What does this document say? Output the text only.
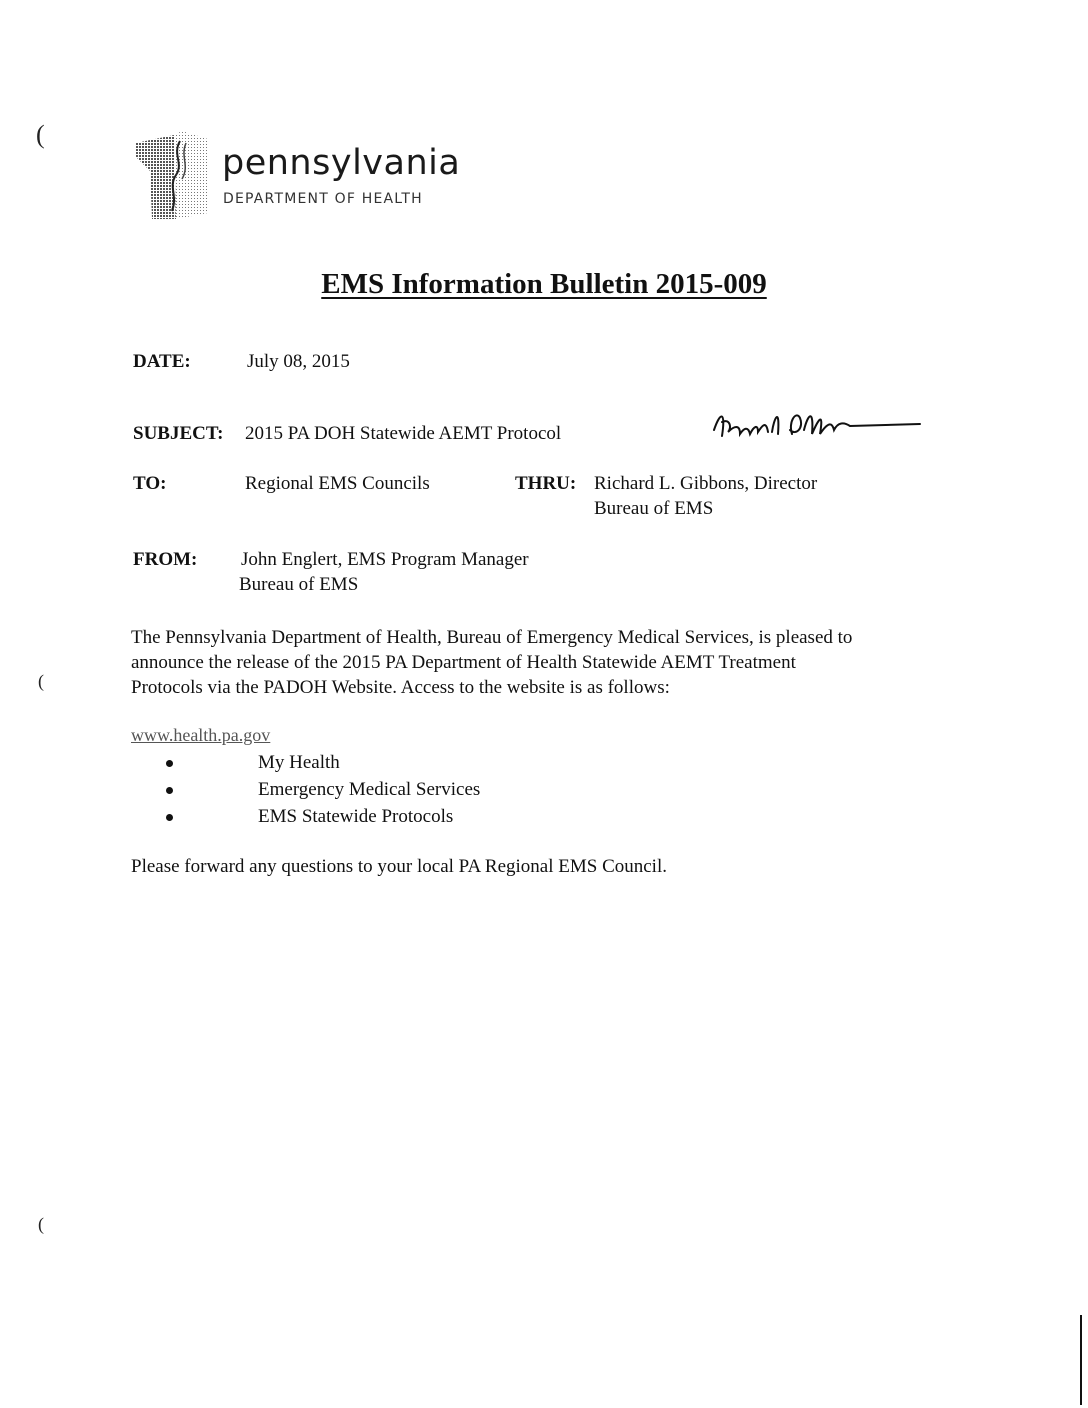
pennsylvania
DEPARTMENT OF HEALTH
EMS Information Bulletin 2015-009
DATE:	July 08, 2015
SUBJECT: 2015 PA DOH Statewide AEMT Protocol
TO:	Regional EMS Councils	THRU: Richard L. Gibbons, Director
Bureau of EMS
FROM: John Englert, EMS Program Manager
Bureau of EMS
The Pennsylvania Department of Health, Bureau of Emergency Medical Services, is pleased to
announce the release of the 2015 PA Department of Health Statewide AEMT Treatment
Protocols via the PADOH Website. Access to the website is as follows:
www.health.pa.gov
My Health
Emergency Medical Services
EMS Statewide Protocols
Please forward any questions to your local PA Regional EMS Council.
(
(
(
